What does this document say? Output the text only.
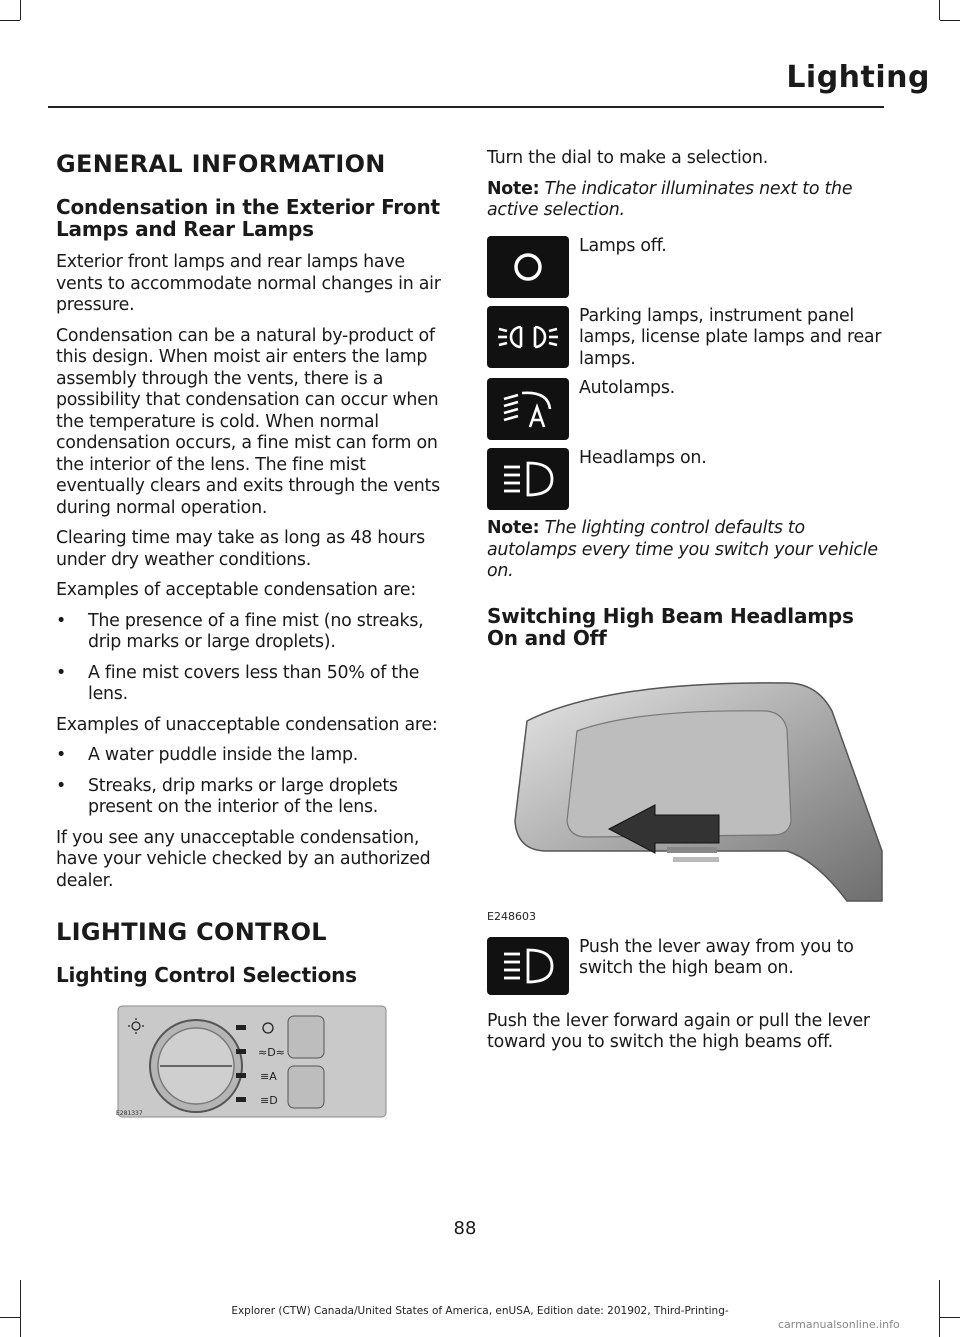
Lighting
GENERAL INFORMATION
Condensation in the Exterior Front Lamps and Rear Lamps

Exterior front lamps and rear lamps have vents to accommodate normal changes in air pressure.

Condensation can be a natural by-product of this design. When moist air enters the lamp assembly through the vents, there is a possibility that condensation can occur when the temperature is cold. When normal condensation occurs, a fine mist can form on the interior of the lens. The fine mist eventually clears and exits through the vents during normal operation.

Clearing time may take as long as 48 hours under dry weather conditions.

Examples of acceptable condensation are:

• The presence of a fine mist (no streaks, drip marks or large droplets).
• A fine mist covers less than 50% of the lens.

Examples of unacceptable condensation are:

• A water puddle inside the lamp.
• Streaks, drip marks or large droplets present on the interior of the lens.

If you see any unacceptable condensation, have your vehicle checked by an authorized dealer.

LIGHTING CONTROL
Lighting Control Selections
≈D≈
≡A
≡D
E281337

Turn the dial to make a selection.

Note: The indicator illuminates next to the active selection.

Lamps off.
Parking lamps, instrument panel lamps, license plate lamps and rear lamps.
Autolamps.
Headlamps on.

Note: The lighting control defaults to autolamps every time you switch your vehicle on.

Switching High Beam Headlamps On and Off
E248603
Push the lever away from you to switch the high beam on.

Push the lever forward again or pull the lever toward you to switch the high beams off.

88
Explorer (CTW) Canada/United States of America, enUSA, Edition date: 201902, Third-Printing-
carmanualsonline.info
